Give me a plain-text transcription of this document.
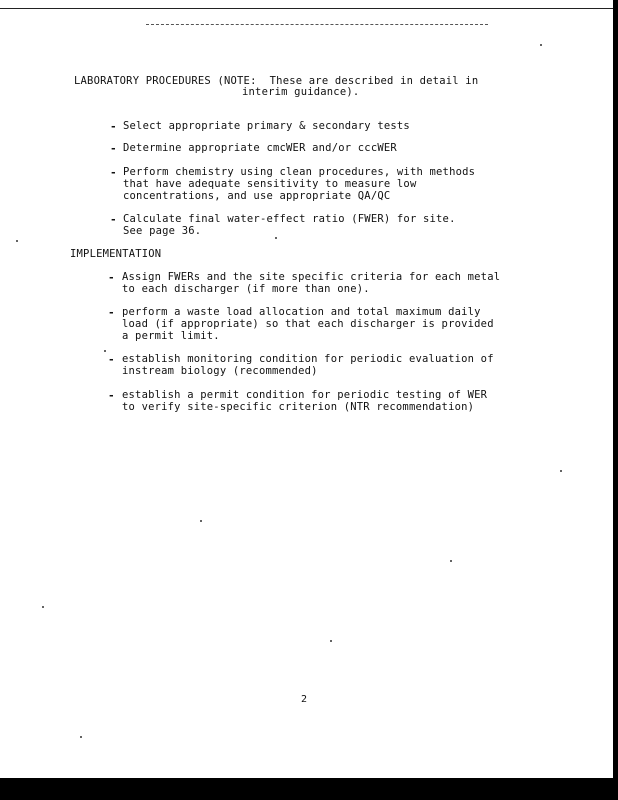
LABORATORY PROCEDURES (NOTE:  These are described in detail in
interim guidance).
- Select appropriate primary & secondary tests
- Determine appropriate cmcWER and/or cccWER
- Perform chemistry using clean procedures, with methods
that have adequate sensitivity to measure low
concentrations, and use appropriate QA/QC
- Calculate final water-effect ratio (FWER) for site.
See page 36.
IMPLEMENTATION
- Assign FWERs and the site specific criteria for each metal
to each discharger (if more than one).
- perform a waste load allocation and total maximum daily
load (if appropriate) so that each discharger is provided
a permit limit.
- establish monitoring condition for periodic evaluation of
instream biology (recommended)
- establish a permit condition for periodic testing of WER
to verify site-specific criterion (NTR recommendation)
2
